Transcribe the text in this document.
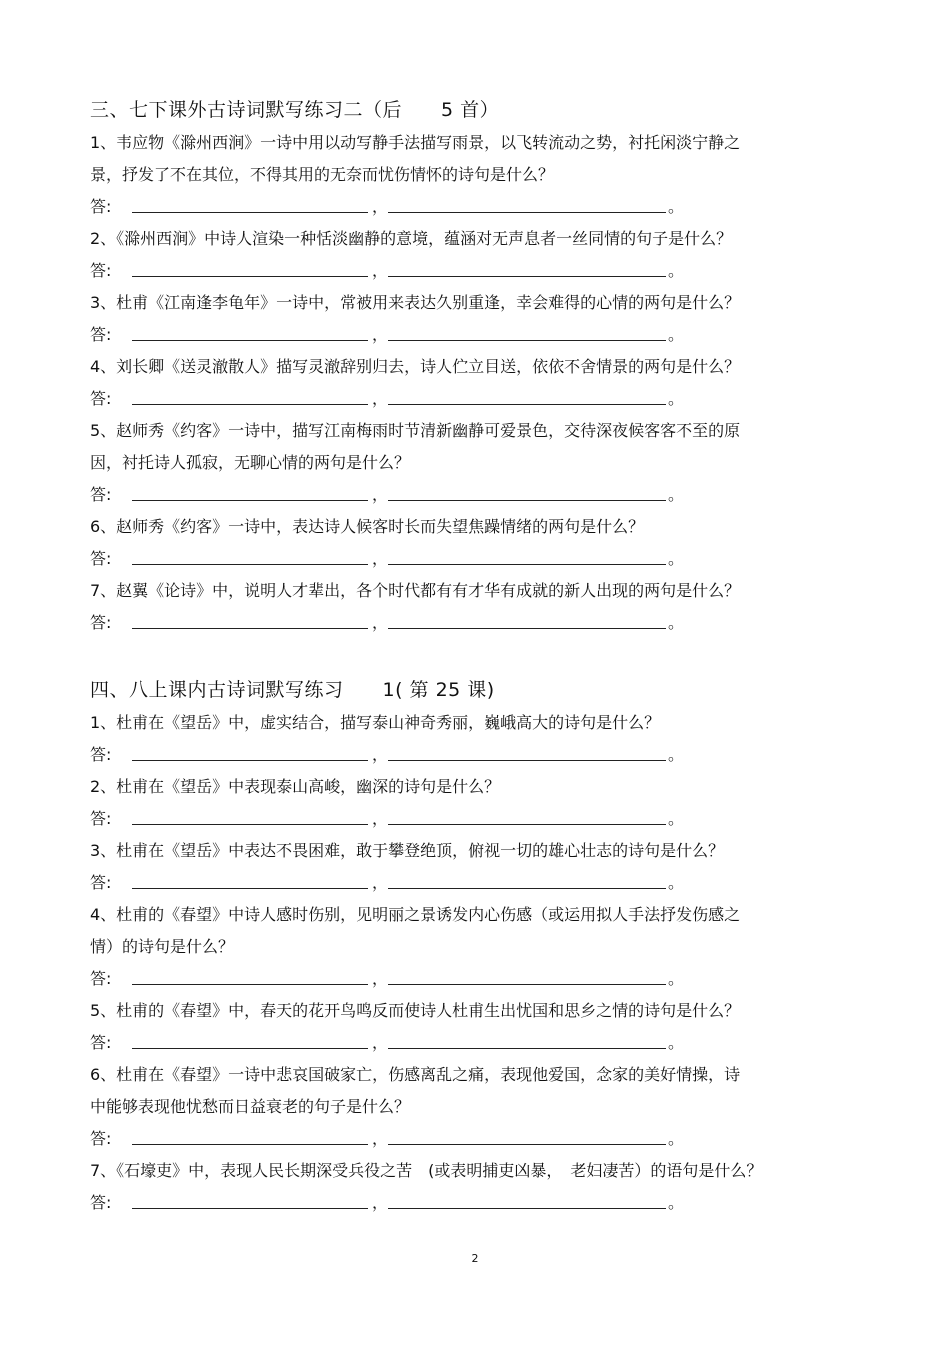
三、七下课外古诗词默写练习二（后　　5 首）
1、韦应物《滁州西涧》一诗中用以动写静手法描写雨景，以飞转流动之势，衬托闲淡宁静之
景，抒发了不在其位，不得其用的无奈而忧伤情怀的诗句是什么？
答:	，	。
2、《滁州西涧》中诗人渲染一种恬淡幽静的意境，蕴涵对无声息者一丝同情的句子是什么？
答:	，	。
3、杜甫《江南逢李龟年》一诗中，常被用来表达久别重逢，幸会难得的心情的两句是什么？
答:	，	。
4、刘长卿《送灵澈散人》描写灵澈辞别归去，诗人伫立目送，依依不舍情景的两句是什么？
答:	，	。
5、赵师秀《约客》一诗中，描写江南梅雨时节清新幽静可爱景色，交待深夜候客客不至的原
因，衬托诗人孤寂，无聊心情的两句是什么？
答:	，	。
6、赵师秀《约客》一诗中，表达诗人候客时长而失望焦躁情绪的两句是什么？
答:	，	。
7、赵翼《论诗》中，说明人才辈出，各个时代都有有才华有成就的新人出现的两句是什么？
答:	，	。
四、八上课内古诗词默写练习　　1( 第 25 课)
1、杜甫在《望岳》中，虚实结合，描写泰山神奇秀丽，巍峨高大的诗句是什么？
答:	，	。
2、杜甫在《望岳》中表现泰山高峻，幽深的诗句是什么？
答:	，	。
3、杜甫在《望岳》中表达不畏困难，敢于攀登绝顶，俯视一切的雄心壮志的诗句是什么？
答:	，	。
4、杜甫的《春望》中诗人感时伤别，见明丽之景诱发内心伤感（或运用拟人手法抒发伤感之
情）的诗句是什么？
答:	，	。
5、杜甫的《春望》中，春天的花开鸟鸣反而使诗人杜甫生出忧国和思乡之情的诗句是什么？
答:	，	。
6、杜甫在《春望》一诗中悲哀国破家亡，伤感离乱之痛，表现他爱国，念家的美好情操，诗
中能够表现他忧愁而日益衰老的句子是什么？
答:	，	。
7、《石壕吏》中，表现人民长期深受兵役之苦　(或表明捕吏凶暴，　老妇凄苦）的语句是什么？
答:	，	。
2
